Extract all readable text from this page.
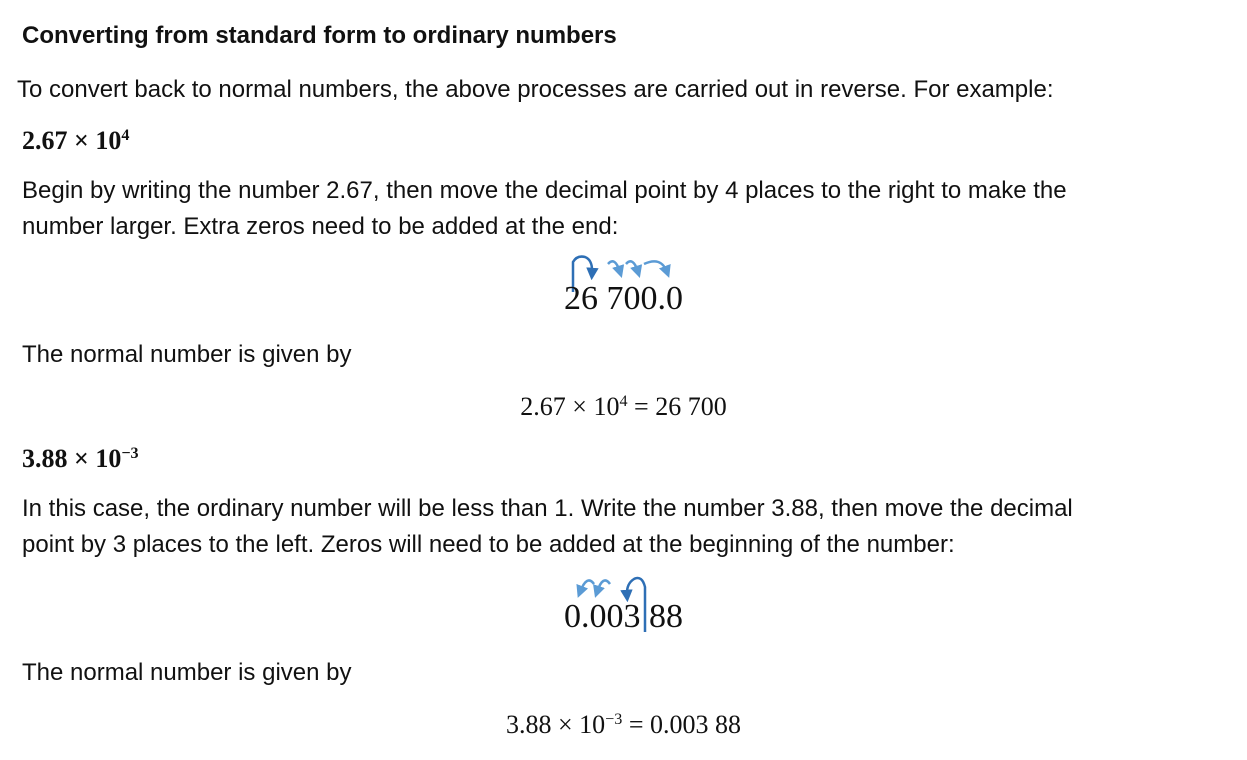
Converting from standard form to ordinary numbers
To convert back to normal numbers, the above processes are carried out in reverse. For example:
$2.67 \times 10^4$
Begin by writing the number 2.67, then move the decimal point by 4 places to the right to make the
number larger. Extra zeros need to be added at the end:
26 700.0
The normal number is given by
$2.67 \times 10^4 = 26$ 700
$3.88 \times 10^{-3}$
In this case, the ordinary number will be less than 1. Write the number 3.88, then move the decimal
point by 3 places to the left. Zeros will need to be added at the beginning of the number:
0.003 88
The normal number is given by
$3.88 \times 10^{-3} = 0.003$ 88
